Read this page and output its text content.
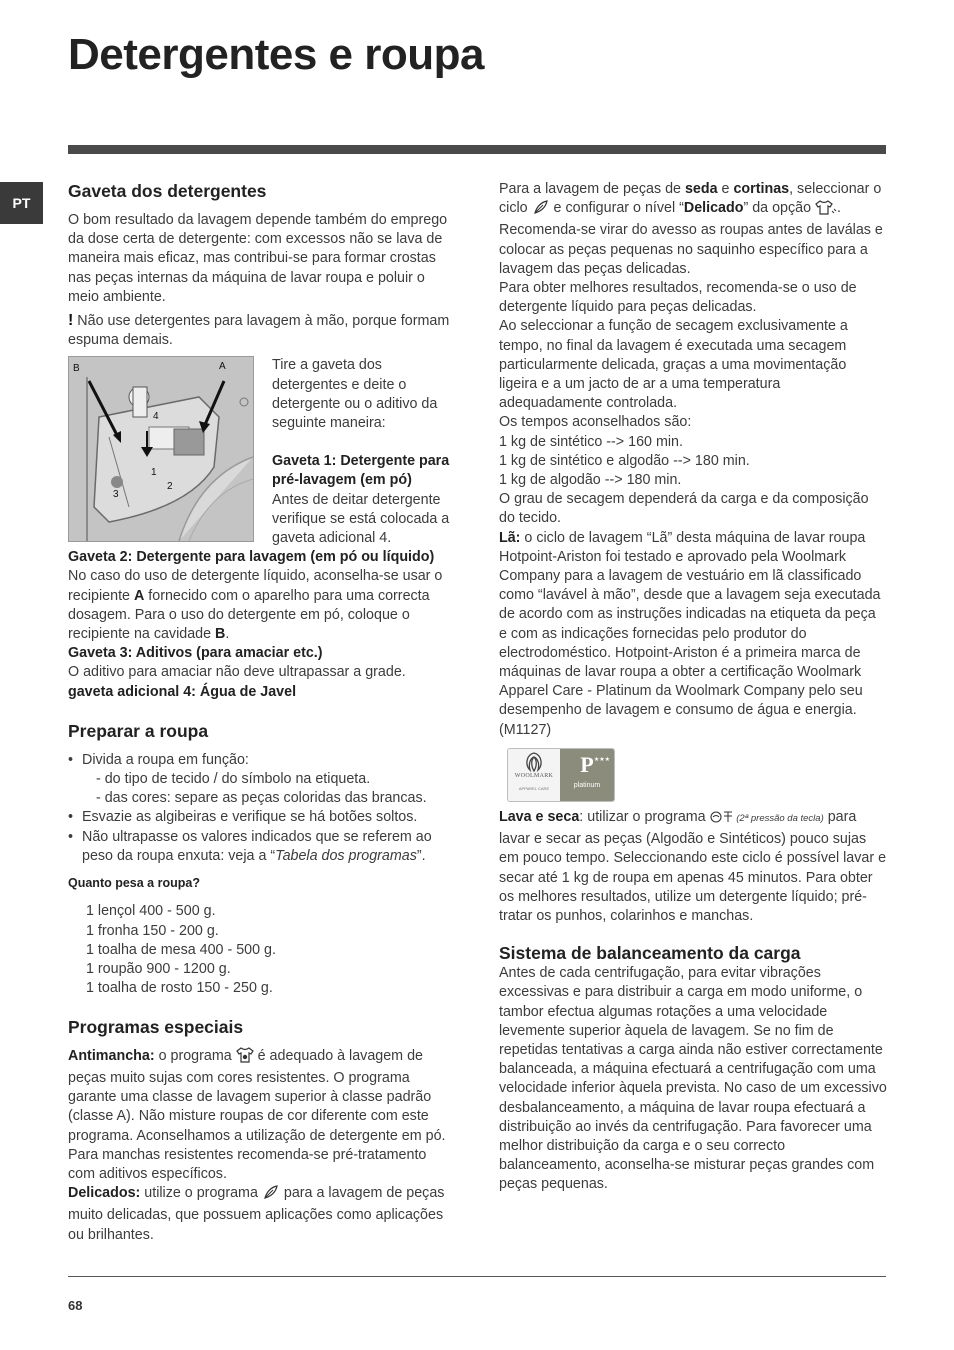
Detergentes e roupa
PT
Gaveta dos detergentes

O bom resultado da lavagem depende também do emprego da dose certa de detergente: com excessos não se lava de maneira mais eficaz, mas contribui-se para formar crostas nas peças internas da máquina de lavar roupa e poluir o meio ambiente.

! Não use detergentes para lavagem à mão, porque formam espuma demais.

B	A
4
1
2
3

Tire a gaveta dos detergentes e deite o detergente ou o aditivo da seguinte maneira:

Gaveta 1: Detergente para pré-lavagem (em pó)

Antes de deitar detergente verifique se está colocada a gaveta adicional 4.

Gaveta 2: Detergente para lavagem (em pó ou líquido)

No caso do uso de detergente líquido, aconselha-se usar o recipiente A fornecido com o aparelho para uma correcta dosagem. Para o uso do detergente em pó, coloque o recipiente na cavidade B.

Gaveta 3: Aditivos (para amaciar etc.)

O aditivo para amaciar não deve ultrapassar a grade.

gaveta adicional 4: Água de Javel

Preparar a roupa
• Divida a roupa em função:
- do tipo de tecido / do símbolo na etiqueta.
- das cores: separe as peças coloridas das brancas.
• Esvazie as algibeiras e verifique se há botões soltos.
• Não ultrapasse os valores indicados que se referem ao peso da roupa enxuta: veja a “Tabela dos programas”.

Quanto pesa a roupa?

1 lençol 400 - 500 g.
1 fronha 150 - 200 g.
1 toalha de mesa 400 - 500 g.
1 roupão 900 - 1200 g.
1 toalha de rosto 150 - 250 g.
Programas especiais

Antimancha: o programa  é adequado à lavagem de peças muito sujas com cores resistentes. O programa garante uma classe de lavagem superior à classe padrão (classe A). Não misture roupas de cor diferente com este programa. Aconselhamos a utilização de detergente em pó. Para manchas resistentes recomenda-se pré-tratamento com aditivos específicos.

Delicados: utilize o programa  para a lavagem de peças muito delicadas, que possuem aplicações como aplicações ou brilhantes.

Para a lavagem de peças de seda e cortinas, seleccionar o ciclo  e configurar o nível “Delicado” da opção .

Recomenda-se virar do avesso as roupas antes de laválas e colocar as peças pequenas no saquinho específico para a lavagem das peças delicadas.

Para obter melhores resultados, recomenda-se o uso de detergente líquido para peças delicadas.

Ao seleccionar a função de secagem exclusivamente a tempo, no final da lavagem é executada uma secagem particularmente delicada, graças a uma movimentação ligeira e a um jacto de ar a uma temperatura adequadamente controlada.

Os tempos aconselhados são:

1 kg de sintético --> 160 min.

1 kg de sintético e algodão --> 180 min.

1 kg de algodão --> 180 min.

O grau de secagem dependerá da carga e da composição do tecido.

Lã: o ciclo de lavagem “Lã” desta máquina de lavar roupa Hotpoint-Ariston foi testado e aprovado pela Woolmark Company para a lavagem de vestuário em lã classificado como “lavável à mão”, desde que a lavagem seja executada de acordo com as instruções indicadas na etiqueta da peça e com as indicações fornecidas pelo produtor do electrodoméstico. Hotpoint-Ariston é a primeira marca de máquinas de lavar roupa a obter a certificação Woolmark Apparel Care - Platinum da Woolmark Company pelo seu desempenho de lavagem e consumo de água e energia. (M1127)

WOOLMARK
APPAREL CARE
★★★
P
platinum

Lava e seca: utilizar o programa	(2ª pressão da tecla) para lavar e secar as peças (Algodão e Sintéticos) pouco sujas em pouco tempo. Seleccionando este ciclo é possível lavar e secar até 1 kg de roupa em apenas 45 minutos. Para obter os melhores resultados, utilize um detergente líquido; pré-tratar os punhos, colarinhos e manchas.

Sistema de balanceamento da carga

Antes de cada centrifugação, para evitar vibrações excessivas e para distribuir a carga em modo uniforme, o tambor efectua algumas rotações a uma velocidade levemente superior àquela de lavagem. Se no fim de repetidas tentativas a carga ainda não estiver correctamente balanceada, a máquina efectuará a centrifugação com uma velocidade inferior àquela prevista. No caso de um excessivo desbalanceamento, a máquina de lavar roupa efectuará a distribuição ao invés da centrifugação. Para favorecer uma melhor distribuição da carga e o seu correcto balanceamento, aconselha-se misturar peças grandes com peças pequenas.

68
